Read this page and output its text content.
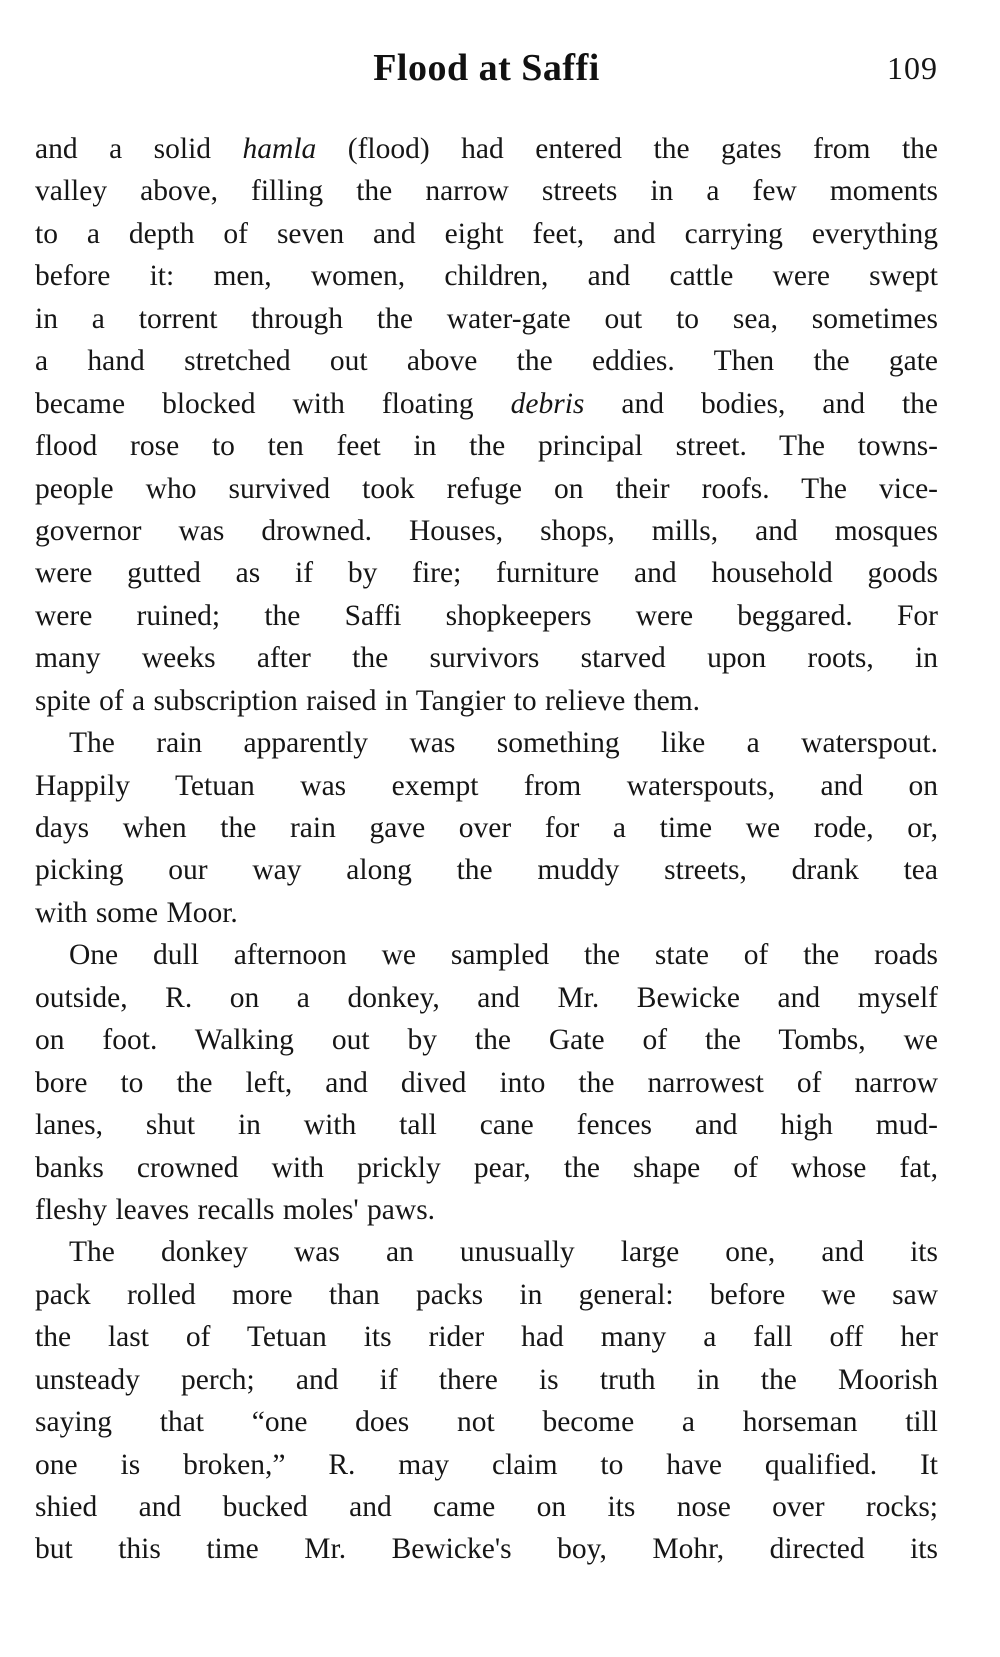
Flood at Saffi	109
and a solid hamla (flood) had entered the gates from the
valley above, filling the narrow streets in a few moments
to a depth of seven and eight feet, and carrying everything
before it: men, women, children, and cattle were swept
in a torrent through the water-gate out to sea, sometimes
a hand stretched out above the eddies. Then the gate
became blocked with floating debris and bodies, and the
flood rose to ten feet in the principal street. The towns-
people who survived took refuge on their roofs. The vice-
governor was drowned. Houses, shops, mills, and mosques
were gutted as if by fire; furniture and household goods
were ruined; the Saffi shopkeepers were beggared. For
many weeks after the survivors starved upon roots, in
spite of a subscription raised in Tangier to relieve them.
The rain apparently was something like a waterspout.
Happily Tetuan was exempt from waterspouts, and on
days when the rain gave over for a time we rode, or,
picking our way along the muddy streets, drank tea
with some Moor.
One dull afternoon we sampled the state of the roads
outside, R. on a donkey, and Mr. Bewicke and myself
on foot. Walking out by the Gate of the Tombs, we
bore to the left, and dived into the narrowest of narrow
lanes, shut in with tall cane fences and high mud-
banks crowned with prickly pear, the shape of whose fat,
fleshy leaves recalls moles' paws.
The donkey was an unusually large one, and its
pack rolled more than packs in general: before we saw
the last of Tetuan its rider had many a fall off her
unsteady perch; and if there is truth in the Moorish
saying that “one does not become a horseman till
one is broken,” R. may claim to have qualified. It
shied and bucked and came on its nose over rocks;
but this time Mr. Bewicke's boy, Mohr, directed its
